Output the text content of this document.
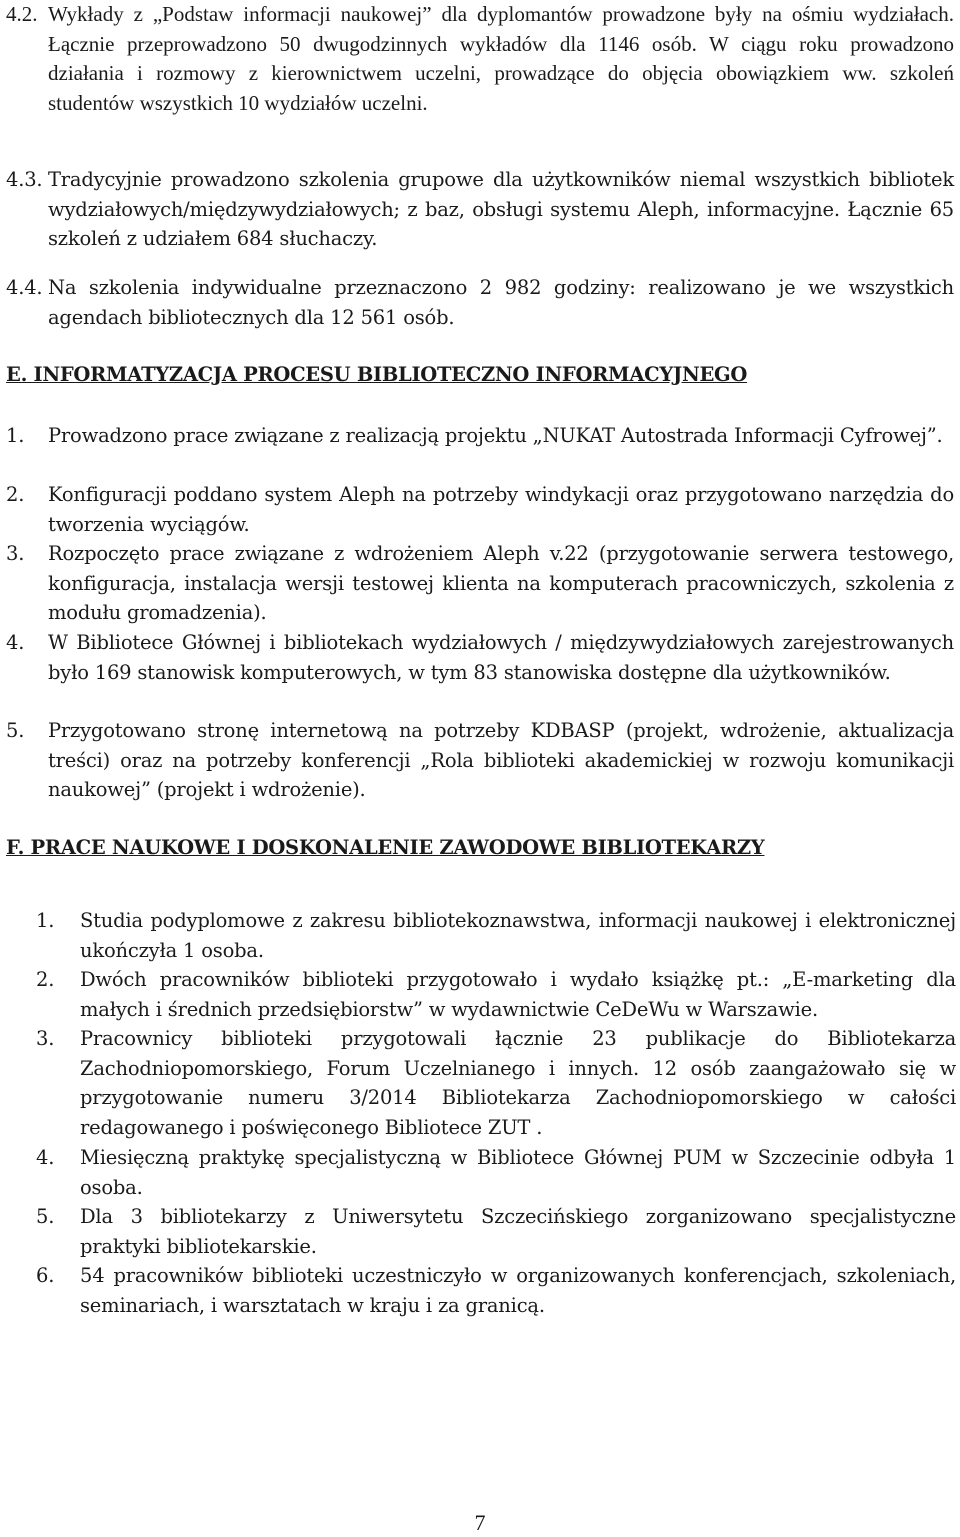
4.2. Wykłady z „Podstaw informacji naukowej” dla dyplomantów prowadzone były na ośmiu wydziałach. Łącznie przeprowadzono 50 dwugodzinnych wykładów dla 1146 osób. W ciągu roku prowadzono działania i rozmowy z kierownictwem uczelni, prowadzące do objęcia obowiązkiem ww. szkoleń studentów wszystkich 10 wydziałów uczelni.
4.3. Tradycyjnie prowadzono szkolenia grupowe dla użytkowników niemal wszystkich bibliotek wydziałowych/międzywydziałowych; z baz, obsługi systemu Aleph, informacyjne. Łącznie 65 szkoleń z udziałem 684 słuchaczy.
4.4. Na szkolenia indywidualne przeznaczono 2 982 godziny: realizowano je we wszystkich agendach bibliotecznych dla 12 561 osób.
E. INFORMATYZACJA PROCESU BIBLIOTECZNO INFORMACYJNEGO
1. Prowadzono prace związane z realizacją projektu „NUKAT Autostrada Informacji Cyfrowej”.
2. Konfiguracji poddano system Aleph na potrzeby windykacji oraz przygotowano narzędzia do tworzenia wyciągów.
3. Rozpoczęto prace związane z wdrożeniem Aleph v.22 (przygotowanie serwera testowego, konfiguracja, instalacja wersji testowej klienta na komputerach pracowniczych, szkolenia z modułu gromadzenia).
4. W Bibliotece Głównej i bibliotekach wydziałowych / międzywydziałowych zarejestrowanych było 169 stanowisk komputerowych, w tym 83 stanowiska dostępne dla użytkowników.
5. Przygotowano stronę internetową na potrzeby KDBASP (projekt, wdrożenie, aktualizacja treści) oraz na potrzeby konferencji „Rola biblioteki akademickiej w rozwoju komunikacji naukowej” (projekt i wdrożenie).
F. PRACE NAUKOWE I DOSKONALENIE ZAWODOWE BIBLIOTEKARZY
1. Studia podyplomowe z zakresu bibliotekoznawstwa, informacji naukowej i elektronicznej ukończyła 1 osoba.
2. Dwóch pracowników biblioteki przygotowało i wydało książkę pt.: „E-marketing dla małych i średnich przedsiębiorstw” w wydawnictwie CeDeWu w Warszawie.
3. Pracownicy biblioteki przygotowali łącznie 23 publikacje do Bibliotekarza Zachodniopomorskiego, Forum Uczelnianego i innych. 12 osób zaangażowało się w przygotowanie numeru 3/2014 Bibliotekarza Zachodniopomorskiego w całości redagowanego i poświęconego Bibliotece ZUT .
4. Miesięczną praktykę specjalistyczną w Bibliotece Głównej PUM w Szczecinie odbyła 1 osoba.
5. Dla 3 bibliotekarzy z Uniwersytetu Szczecińskiego zorganizowano specjalistyczne praktyki bibliotekarskie.
6. 54 pracowników biblioteki uczestniczyło w organizowanych konferencjach, szkoleniach, seminariach, i warsztatach w kraju i za granicą.
7
